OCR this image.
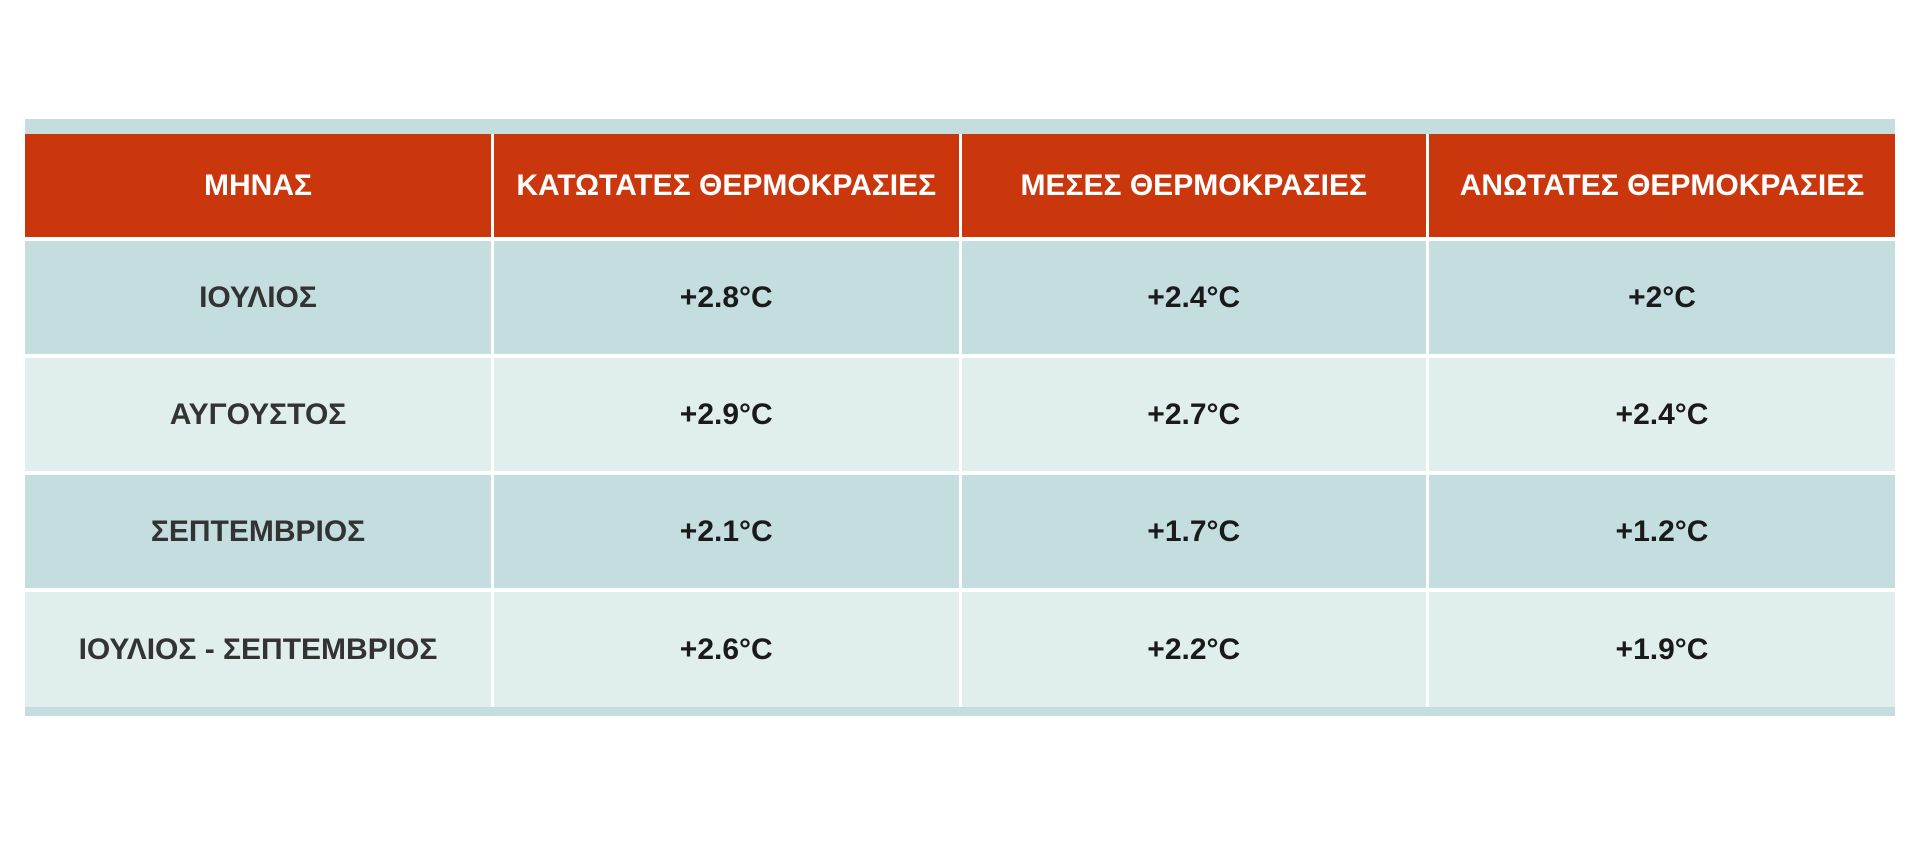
ΜΗΝΑΣ	ΚΑΤΩΤΑΤΕΣ ΘΕΡΜΟΚΡΑΣΙΕΣ	ΜΕΣΕΣ ΘΕΡΜΟΚΡΑΣΙΕΣ	ΑΝΩΤΑΤΕΣ ΘΕΡΜΟΚΡΑΣΙΕΣ
ΙΟΥΛΙΟΣ	+2.8°C	+2.4°C	+2°C
ΑΥΓΟΥΣΤΟΣ	+2.9°C	+2.7°C	+2.4°C
ΣΕΠΤΕΜΒΡΙΟΣ	+2.1°C	+1.7°C	+1.2°C
ΙΟΥΛΙΟΣ - ΣΕΠΤΕΜΒΡΙΟΣ	+2.6°C	+2.2°C	+1.9°C
